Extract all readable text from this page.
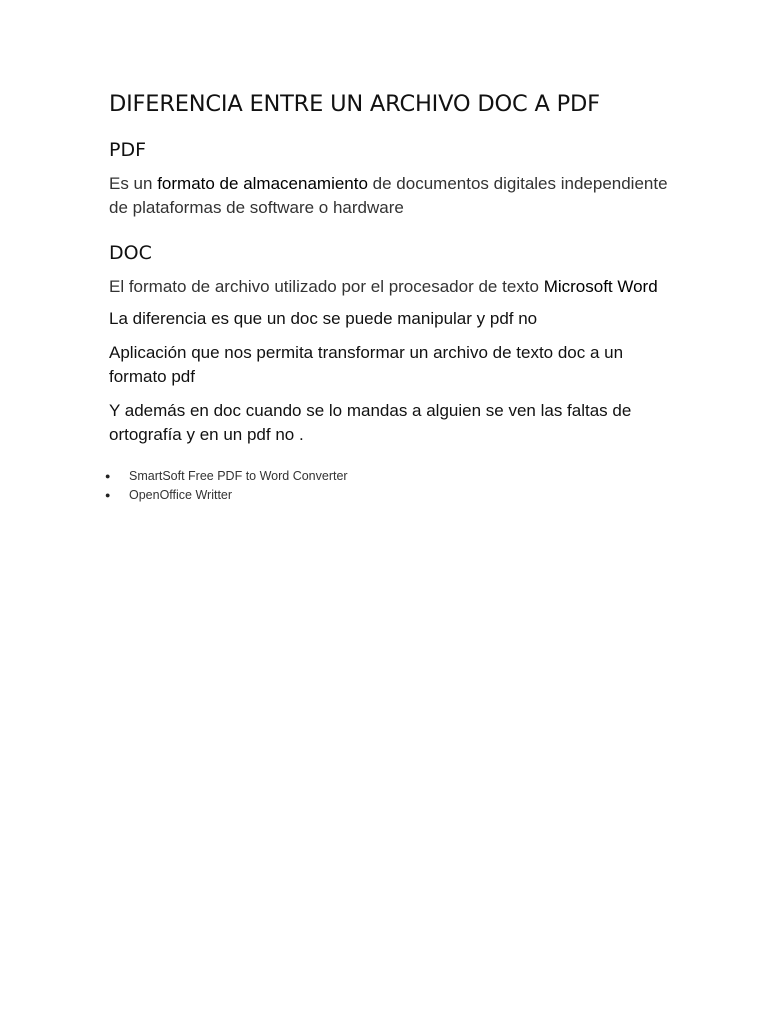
DIFERENCIA ENTRE UN ARCHIVO DOC A PDF
PDF

Es un formato de almacenamiento de documentos digitales independiente de plataformas de software o hardware

DOC

El formato de archivo utilizado por el procesador de texto Microsoft Word

La diferencia es que un doc se puede manipular y pdf no

Aplicación que nos permita transformar un archivo de texto doc a un formato pdf

Y además en doc cuando se lo mandas a alguien se ven las faltas de ortografía y en un pdf no .

● SmartSoft Free PDF to Word Converter
● OpenOffice Writter
